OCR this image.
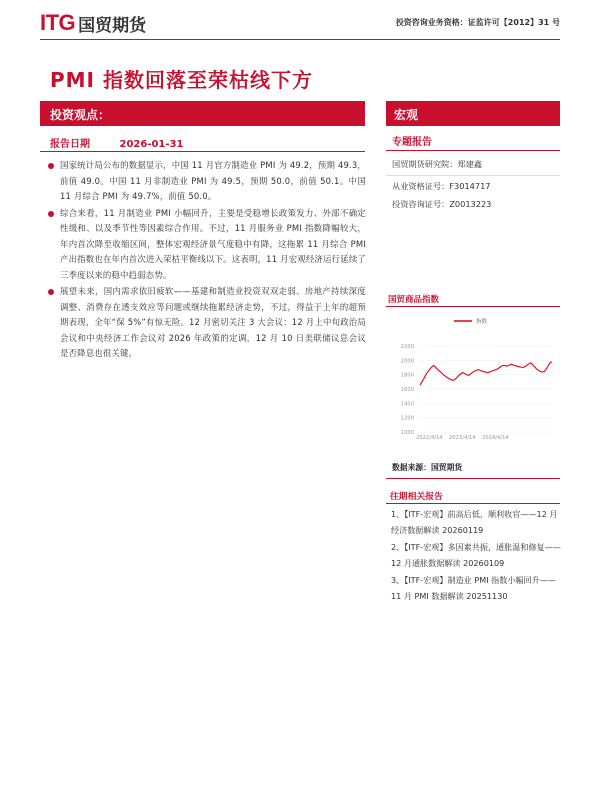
ITG 国贸期货	投资咨询业务资格：证监许可【2012】31 号
PMI 指数回落至荣枯线下方
投资观点：
报告日期	2026-01-31
国家统计局公布的数据显示，中国 11 月官方制造业 PMI 为 49.2，预期 49.3，前值 49.0。中国 11 月非制造业 PMI 为 49.5，预期 50.0，前值 50.1。中国 11 月综合 PMI 为 49.7%，前值 50.0。
综合来看，11 月制造业 PMI 小幅回升，主要是受稳增长政策发力、外部不确定性缓和、以及季节性等因素综合作用。不过，11 月服务业 PMI 指数降幅较大，年内首次降至收缩区间，整体宏观经济景气度稳中有降，这拖累 11 月综合 PMI 产出指数也在年内首次进入荣枯平衡线以下。这表明，11 月宏观经济运行延续了三季度以来的稳中趋弱态势。
展望未来，国内需求依旧疲软——基建和制造业投资双双走弱、房地产持续深度调整、消费存在透支效应等问题或继续拖累经济走势，不过，得益于上年的超预期表现，全年“保 5%”有惊无险。12 月密切关注 3 大会议：12 月上中旬政治局会议和中央经济工作会议对 2026 年政策的定调，12 月 10 日美联储议息会议是否降息也很关键。
宏观
专题报告
国贸期货研究院：郑建鑫
从业资格证号：F3014717
投资咨询证号：Z0013223
国贸商品指数
1000
1200
1400
1600
1800
2000
2200
2022/4/14 2023/4/14 2024/4/14
指数
数据来源：国贸期货
往期相关报告
1、【ITF-宏观】前高后低，顺利收官——12 月经济数据解读 20260119
2、【ITF-宏观】多因素共振，通胀温和修复——12 月通胀数据解读 20260109
3、【ITF-宏观】制造业 PMI 指数小幅回升——11 月 PMI 数据解读 20251130
